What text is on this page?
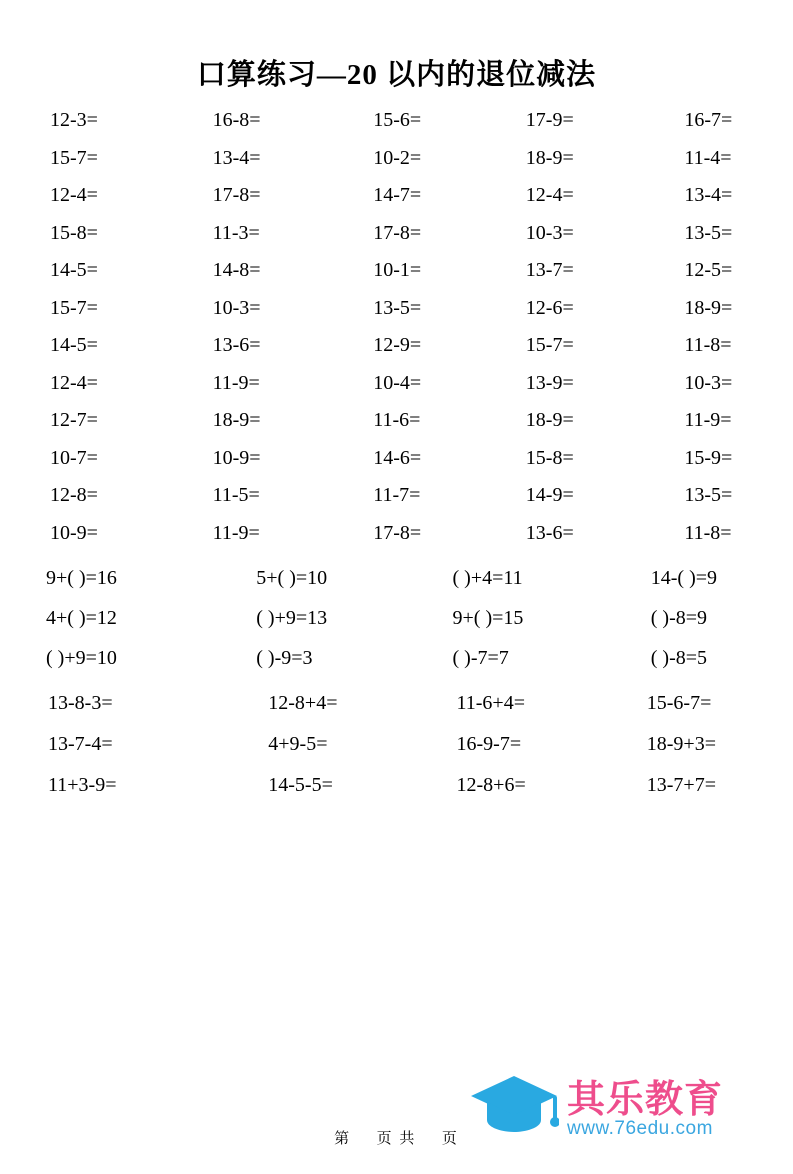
口算练习—20 以内的退位减法
12-3=	16-8=	15-6=	17-9=	16-7=
15-7=	13-4=	10-2=	18-9=	11-4=
12-4=	17-8=	14-7=	12-4=	13-4=
15-8=	11-3=	17-8=	10-3=	13-5=
14-5=	14-8=	10-1=	13-7=	12-5=
15-7=	10-3=	13-5=	12-6=	18-9=
14-5=	13-6=	12-9=	15-7=	11-8=
12-4=	11-9=	10-4=	13-9=	10-3=
12-7=	18-9=	11-6=	18-9=	11-9=
10-7=	10-9=	14-6=	15-8=	15-9=
12-8=	11-5=	11-7=	14-9=	13-5=
10-9=	11-9=	17-8=	13-6=	11-8=
9+( )=16	5+( )=10	( )+4=11	14-( )=9
4+( )=12	( )+9=13	9+( )=15	( )-8=9
( )+9=10	( )-9=3	( )-7=7	( )-8=5
13-8-3=	12-8+4=	11-6+4=	15-6-7=
13-7-4=	4+9-5=	16-9-7=	18-9+3=
11+3-9=	14-5-5=	12-8+6=	13-7+7=
第 页 共 页
其乐教育
www.76edu.com
